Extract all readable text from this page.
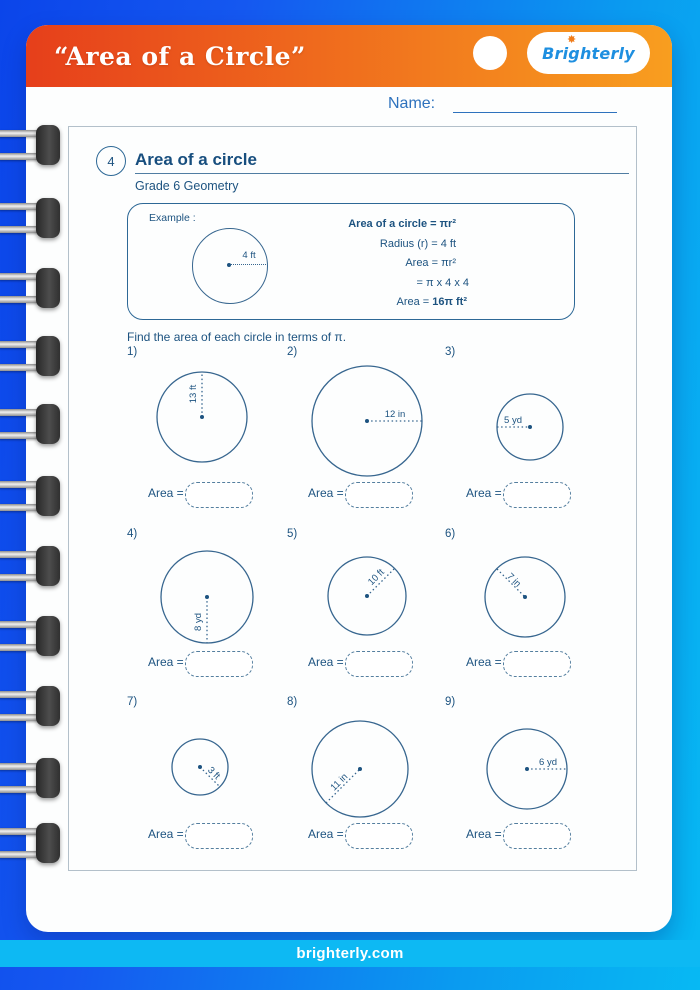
“Area of a Circle”
✸
Brighterly
Name:
4	Area of a circle
Grade 6 Geometry
Example :
4 ft
Area of a circle = πr²
Radius (r) = 4 ft
Area = πr²
= π x 4 x 4
Area = 16π ft²
Find the area of each circle in terms of π.
1)
13 ft
Area =
2)
12 in
Area =
3)
5 yd
Area =
4)
8 yd
Area =
5)
10 ft
Area =
6)
7 in
Area =
7)
3 ft
Area =
8)
11 in
Area =
9)
6 yd
Area =
brighterly.com
